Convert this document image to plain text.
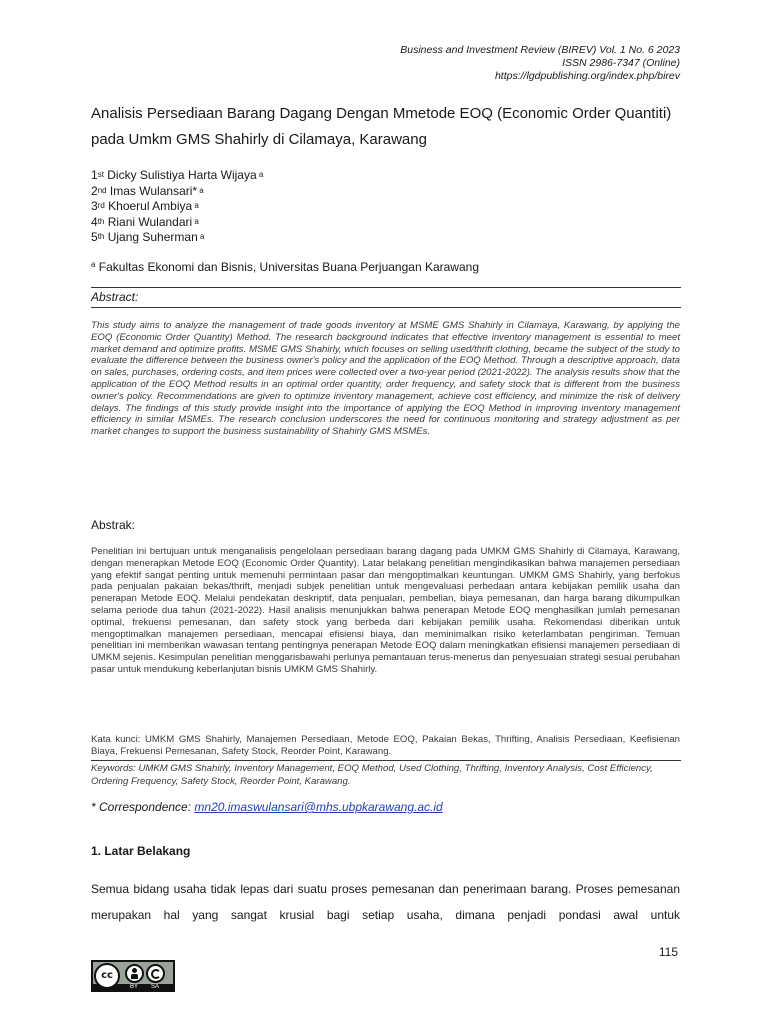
Business and Investment Review (BIREV) Vol. 1 No. 6 2023
ISSN 2986-7347 (Online)
https://lgdpublishing.org/index.php/birev
Analisis Persediaan Barang Dagang Dengan Mmetode EOQ (Economic Order Quantiti) pada Umkm GMS Shahirly di Cilamaya, Karawang
1st Dicky Sulistiya Harta Wijaya $^a$
2nd Imas Wulansari* $^a$
3rd Khoerul Ambiya $^a$
4th Riani Wulandari $^a$
5th Ujang Suherman $^a$
$^a$ Fakultas Ekonomi dan Bisnis, Universitas Buana Perjuangan Karawang
Abstract:
This study aims to analyze the management of trade goods inventory at MSME GMS Shahirly in Cilamaya, Karawang, by applying the EOQ (Economic Order Quantity) Method. The research background indicates that effective inventory management is essential to meet market demand and optimize profits. MSME GMS Shahirly, which focuses on selling used/thrift clothing, became the subject of the study to evaluate the difference between the business owner's policy and the application of the EOQ Method. Through a descriptive approach, data on sales, purchases, ordering costs, and item prices were collected over a two-year period (2021-2022). The analysis results show that the application of the EOQ Method results in an optimal order quantity, order frequency, and safety stock that is different from the business owner's policy. Recommendations are given to optimize inventory management, achieve cost efficiency, and minimize the risk of delivery delays. The findings of this study provide insight into the importance of applying the EOQ Method in improving inventory management efficiency in similar MSMEs. The research conclusion underscores the need for continuous monitoring and strategy adjustment as per market changes to support the business sustainability of Shahirly GMS MSMEs.
Abstrak:
Penelitian ini bertujuan untuk menganalisis pengelolaan persediaan barang dagang pada UMKM GMS Shahirly di Cilamaya, Karawang, dengan menerapkan Metode EOQ (Economic Order Quantity). Latar belakang penelitian mengindikasikan bahwa manajemen persediaan yang efektif sangat penting untuk memenuhi permintaan pasar dan mengoptimalkan keuntungan. UMKM GMS Shahirly, yang berfokus pada penjualan pakaian bekas/thrift, menjadi subjek penelitian untuk mengevaluasi perbedaan antara kebijakan pemilik usaha dan penerapan Metode EOQ. Melalui pendekatan deskriptif, data penjualan, pembelian, biaya pemesanan, dan harga barang dikumpulkan selama periode dua tahun (2021-2022). Hasil analisis menunjukkan bahwa penerapan Metode EOQ menghasilkan jumlah pemesanan optimal, frekuensi pemesanan, dan safety stock yang berbeda dari kebijakan pemilik usaha. Rekomendasi diberikan untuk mengoptimalkan manajemen persediaan, mencapai efisiensi biaya, dan meminimalkan risiko keterlambatan pengiriman. Temuan penelitian ini memberikan wawasan tentang pentingnya penerapan Metode EOQ dalam meningkatkan efisiensi manajemen persediaan di UMKM sejenis. Kesimpulan penelitian menggarisbawahi perlunya pemantauan terus-menerus dan penyesuaian strategi sesuai perubahan pasar untuk mendukung keberlanjutan bisnis UMKM GMS Shahirly.
Kata kunci: UMKM GMS Shahirly, Manajemen Persediaan, Metode EOQ, Pakaian Bekas, Thrifting, Analisis Persediaan, Keefisienan Biaya, Frekuensi Pemesanan, Safety Stock, Reorder Point, Karawang.
Keywords: UMKM GMS Shahirly, Inventory Management, EOQ Method, Used Clothing, Thrifting, Inventory Analysis, Cost Efficiency, Ordering Frequency, Safety Stock, Reorder Point, Karawang.
* Correspondence: mn20.imaswulansari@mhs.ubpkarawang.ac.id
1. Latar Belakang
Semua bidang usaha tidak lepas dari suatu proses pemesanan dan penerimaan barang. Proses pemesanan merupakan hal yang sangat krusial bagi setiap usaha, dimana penjadi pondasi awal untuk
115
cc
BY SA
